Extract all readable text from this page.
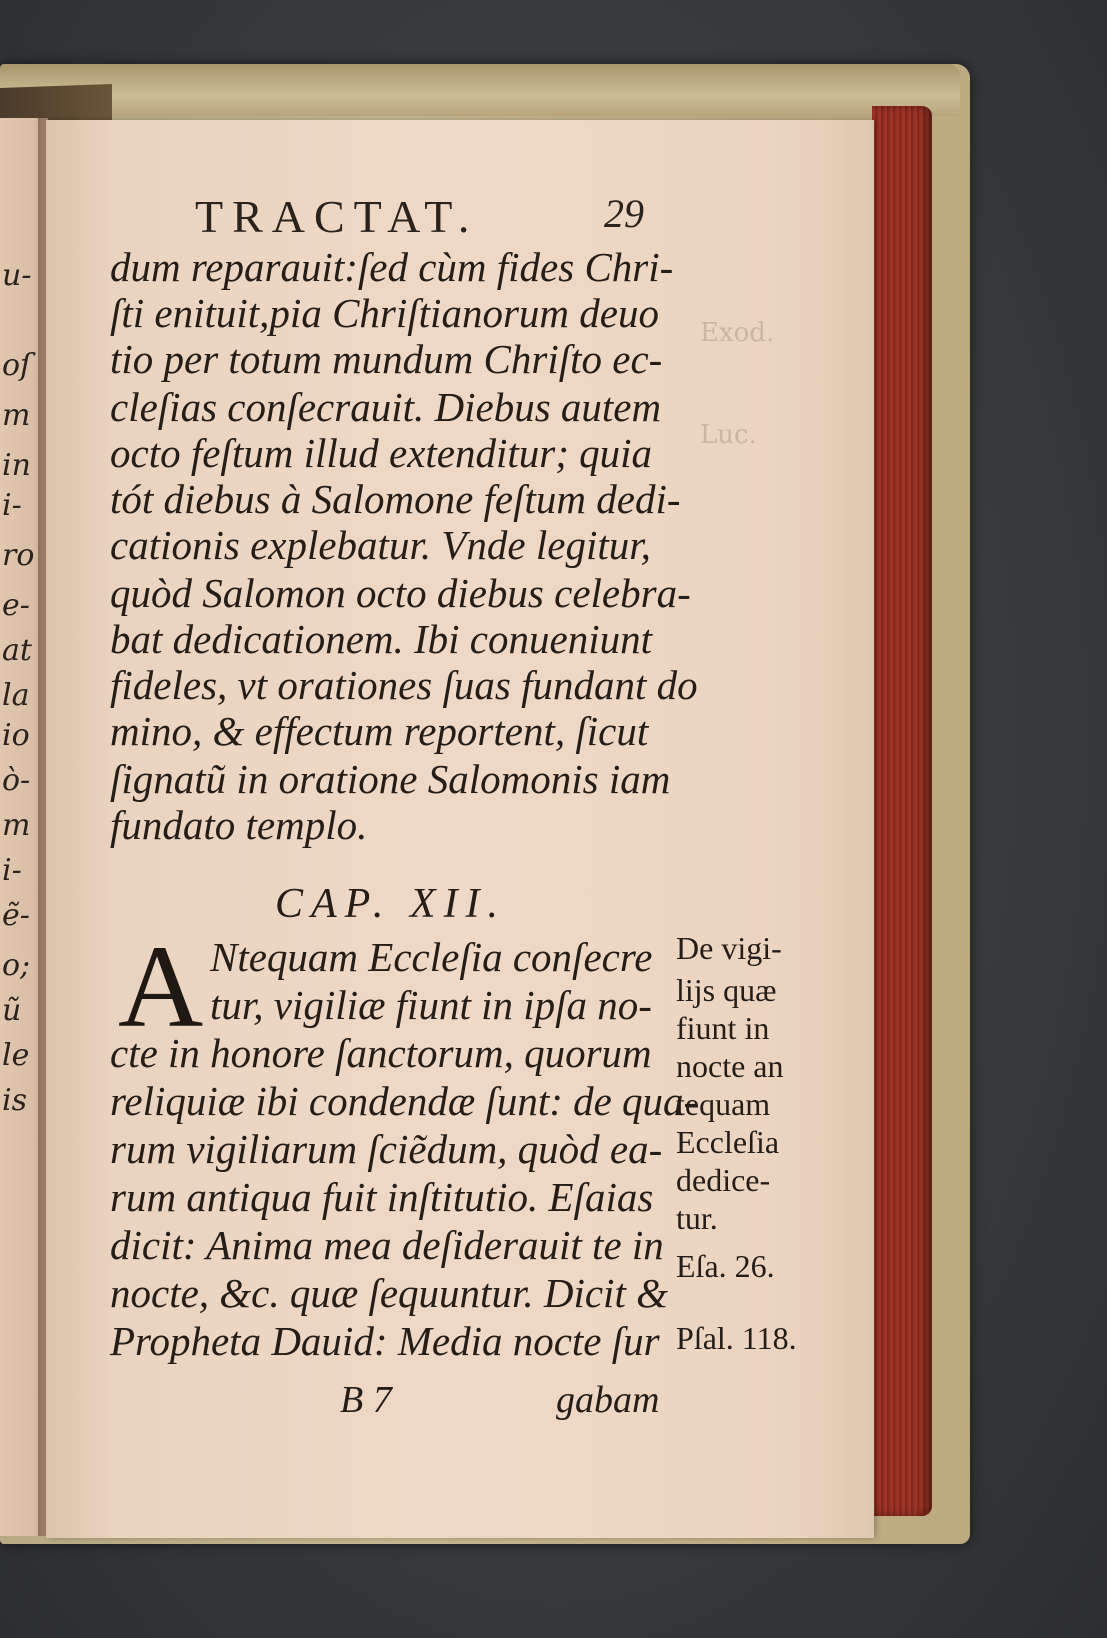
u-
oſ
m
in
i-
ro
e-
at
la
io
ò-
m
i-
ẽ-
o;
ũ
le
is
Exod.
Luc.
TRACTAT.	29
dum reparauit:ſed cùm fides Chri-
ſti enituit,pia Chriſtianorum deuo
tio per totum mundum Chriſto ec-
cleſias conſecrauit. Diebus autem
octo feſtum illud extenditur; quia
tót diebus à Salomone feſtum dedi-
cationis explebatur. Vnde legitur,
quòd Salomon octo diebus celebra-
bat dedicationem. Ibi conueniunt
fideles, vt orationes ſuas fundant do
mino, & effectum reportent, ſicut
ſignatũ in oratione Salomonis iam
fundato templo.
CAP. XII.
A Ntequam Eccleſia conſecre
tur, vigiliæ fiunt in ipſa no-
cte in honore ſanctorum, quorum
reliquiæ ibi condendæ ſunt: de qua-
rum vigiliarum ſciẽdum, quòd ea-
rum antiqua fuit inſtitutio. Eſaias
dicit: Anima mea deſiderauit te in
nocte, &c. quæ ſequuntur. Dicit &
Propheta Dauid: Media nocte ſur
De vigi-
lijs quæ
fiunt in
nocte an
tequam
Eccleſia
dedice-
tur.
Eſa. 26.
Pſal. 118.
B 7	gabam
